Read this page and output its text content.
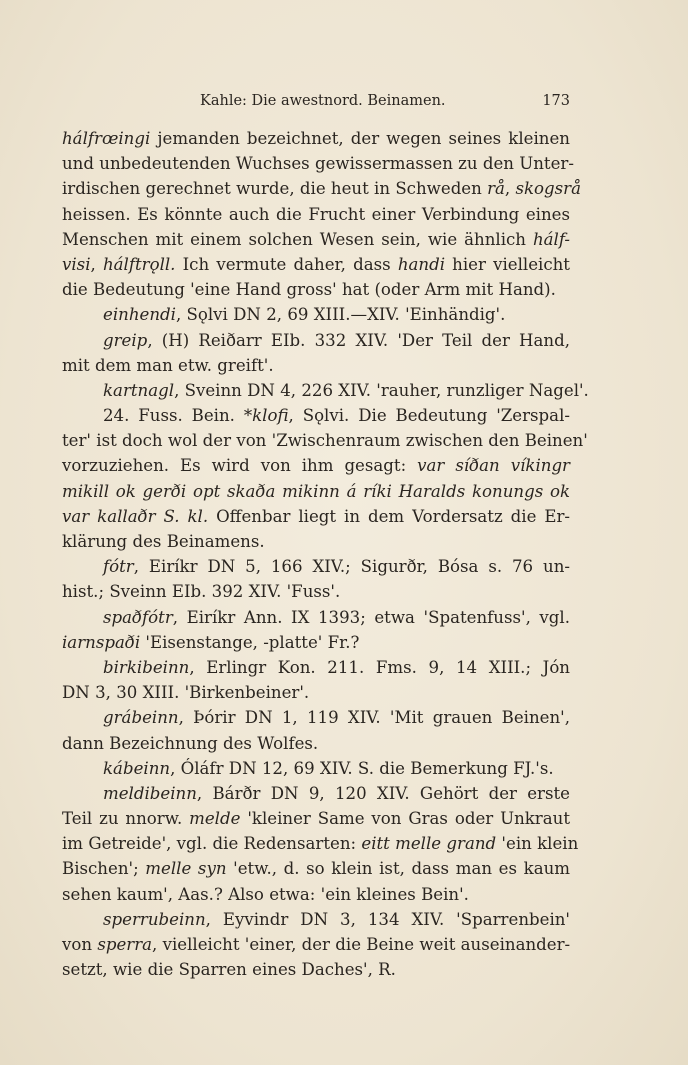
Kahle: Die awestnord. Beinamen.	173
hálfrœingi jemanden bezeichnet, der wegen seines kleinen
und unbedeutenden Wuchses gewissermassen zu den Unter-
irdischen gerechnet wurde, die heut in Schweden rå, skogsrå
heissen. Es könnte auch die Frucht einer Verbindung eines
Menschen mit einem solchen Wesen sein, wie ähnlich hálf-
visi, hálftrǫll. Ich vermute daher, dass handi hier vielleicht
die Bedeutung 'eine Hand gross' hat (oder Arm mit Hand).
einhendi, Sǫlvi DN 2, 69 XIII.—XIV. 'Einhändig'.
greip, (H) Reiðarr EIb. 332 XIV. 'Der Teil der Hand,
mit dem man etw. greift'.
kartnagl, Sveinn DN 4, 226 XIV. 'rauher, runzliger Nagel'.
24. Fuss. Bein. *klofi, Sǫlvi. Die Bedeutung 'Zerspal-
ter' ist doch wol der von 'Zwischenraum zwischen den Beinen'
vorzuziehen. Es wird von ihm gesagt: var síðan víkingr
mikill ok gerði opt skaða mikinn á ríki Haralds konungs ok
var kallaðr S. kl. Offenbar liegt in dem Vordersatz die Er-
klärung des Beinamens.
fótr, Eiríkr DN 5, 166 XIV.; Sigurðr, Bósa s. 76 un-
hist.; Sveinn EIb. 392 XIV. 'Fuss'.
spaðfótr, Eiríkr Ann. IX 1393; etwa 'Spatenfuss', vgl.
iarnspaði 'Eisenstange, -platte' Fr.?
birkibeinn, Erlingr Kon. 211. Fms. 9, 14 XIII.; Jón
DN 3, 30 XIII. 'Birkenbeiner'.
grábeinn, Þórir DN 1, 119 XIV. 'Mit grauen Beinen',
dann Bezeichnung des Wolfes.
kábeinn, Óláfr DN 12, 69 XIV. S. die Bemerkung FJ.'s.
meldibeinn, Bárðr DN 9, 120 XIV. Gehört der erste
Teil zu nnorw. melde 'kleiner Same von Gras oder Unkraut
im Getreide', vgl. die Redensarten: eitt melle grand 'ein klein
Bischen'; melle syn 'etw., d. so klein ist, dass man es kaum
sehen kaum', Aas.? Also etwa: 'ein kleines Bein'.
sperrubeinn, Eyvindr DN 3, 134 XIV. 'Sparrenbein'
von sperra, vielleicht 'einer, der die Beine weit auseinander-
setzt, wie die Sparren eines Daches', R.
